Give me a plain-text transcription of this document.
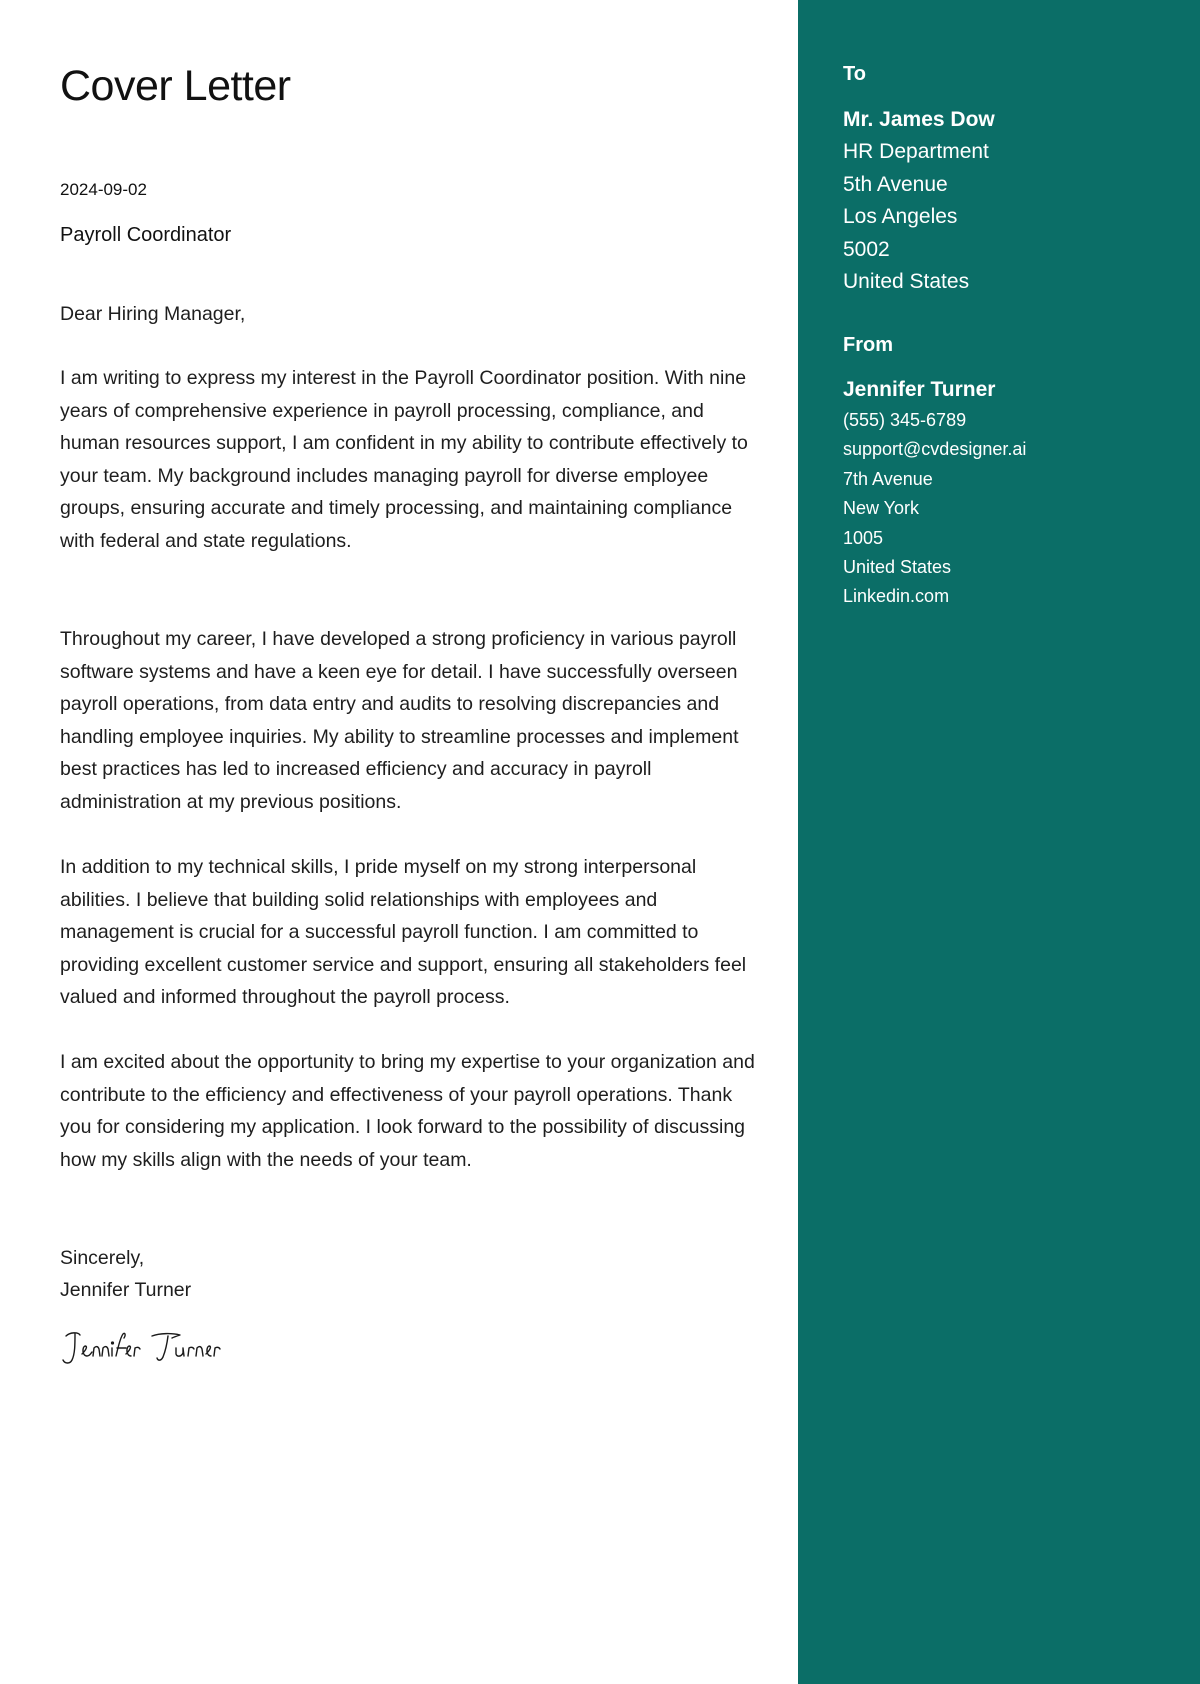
Cover Letter
2024-09-02
Payroll Coordinator

Dear Hiring Manager,

I am writing to express my interest in the Payroll Coordinator position. With nine years of comprehensive experience in payroll processing, compliance, and human resources support, I am confident in my ability to contribute effectively to your team. My background includes managing payroll for diverse employee groups, ensuring accurate and timely processing, and maintaining compliance with federal and state regulations.

Throughout my career, I have developed a strong proficiency in various payroll software systems and have a keen eye for detail. I have successfully overseen payroll operations, from data entry and audits to resolving discrepancies and handling employee inquiries. My ability to streamline processes and implement best practices has led to increased efficiency and accuracy in payroll administration at my previous positions.

In addition to my technical skills, I pride myself on my strong interpersonal abilities. I believe that building solid relationships with employees and management is crucial for a successful payroll function. I am committed to providing excellent customer service and support, ensuring all stakeholders feel valued and informed throughout the payroll process.

I am excited about the opportunity to bring my expertise to your organization and contribute to the efficiency and effectiveness of your payroll operations. Thank you for considering my application. I look forward to the possibility of discussing how my skills align with the needs of your team.

Sincerely,
Jennifer Turner
To
Mr. James Dow
HR Department
5th Avenue
Los Angeles
5002
United States
From
Jennifer Turner
(555) 345-6789
support@cvdesigner.ai
7th Avenue
New York
1005
United States
Linkedin.com
